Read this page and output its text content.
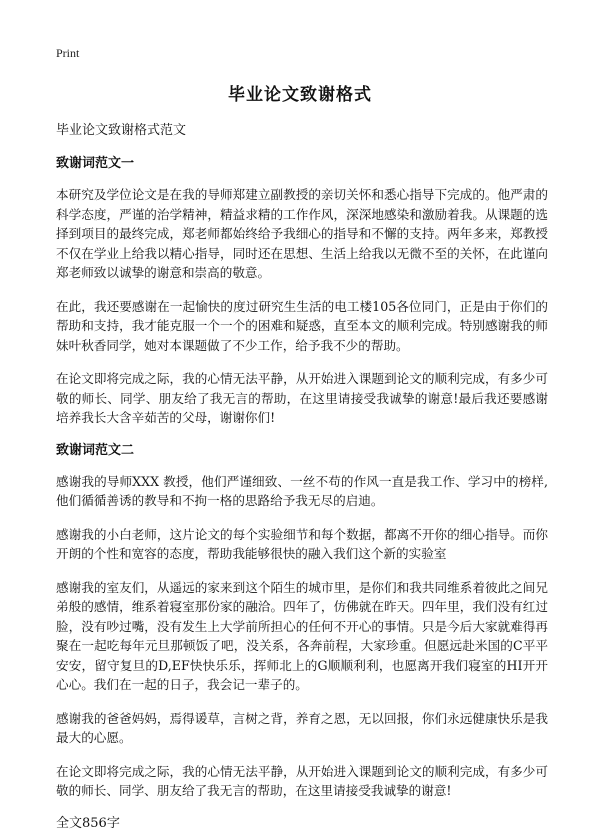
Print
毕业论文致谢格式

毕业论文致谢格式范文

致谢词范文一

本研究及学位论文是在我的导师郑建立副教授的亲切关怀和悉心指导下完成的。他严肃的科学态度，严谨的治学精神，精益求精的工作作风，深深地感染和激励着我。从课题的选择到项目的最终完成，郑老师都始终给予我细心的指导和不懈的支持。两年多来，郑教授不仅在学业上给我以精心指导，同时还在思想、生活上给我以无微不至的关怀，在此谨向郑老师致以诚挚的谢意和崇高的敬意。

在此，我还要感谢在一起愉快的度过研究生生活的电工楼105各位同门，正是由于你们的帮助和支持，我才能克服一个一个的困难和疑惑，直至本文的顺利完成。特别感谢我的师妹叶秋香同学，她对本课题做了不少工作，给予我不少的帮助。

在论文即将完成之际，我的心情无法平静，从开始进入课题到论文的顺利完成，有多少可敬的师长、同学、朋友给了我无言的帮助，在这里请接受我诚挚的谢意!最后我还要感谢培养我长大含辛茹苦的父母，谢谢你们!

致谢词范文二

感谢我的导师XXX 教授，他们严谨细致、一丝不苟的作风一直是我工作、学习中的榜样,他们循循善诱的教导和不拘一格的思路给予我无尽的启迪。

感谢我的小白老师，这片论文的每个实验细节和每个数据，都离不开你的细心指导。而你开朗的个性和宽容的态度，帮助我能够很快的融入我们这个新的实验室

感谢我的室友们，从遥远的家来到这个陌生的城市里，是你们和我共同维系着彼此之间兄弟般的感情，维系着寝室那份家的融洽。四年了，仿佛就在昨天。四年里，我们没有红过脸，没有吵过嘴，没有发生上大学前所担心的任何不开心的事情。只是今后大家就难得再聚在一起吃每年元旦那顿饭了吧，没关系，各奔前程，大家珍重。但愿远赴米国的C平平安安，留守复旦的D,EF快快乐乐，挥师北上的G顺顺利利，也愿离开我们寝室的HI开开心心。我们在一起的日子，我会记一辈子的。

感谢我的爸爸妈妈，焉得谖草，言树之背，养育之恩，无以回报，你们永远健康快乐是我最大的心愿。

在论文即将完成之际，我的心情无法平静，从开始进入课题到论文的顺利完成，有多少可敬的师长、同学、朋友给了我无言的帮助，在这里请接受我诚挚的谢意!

全文856字
